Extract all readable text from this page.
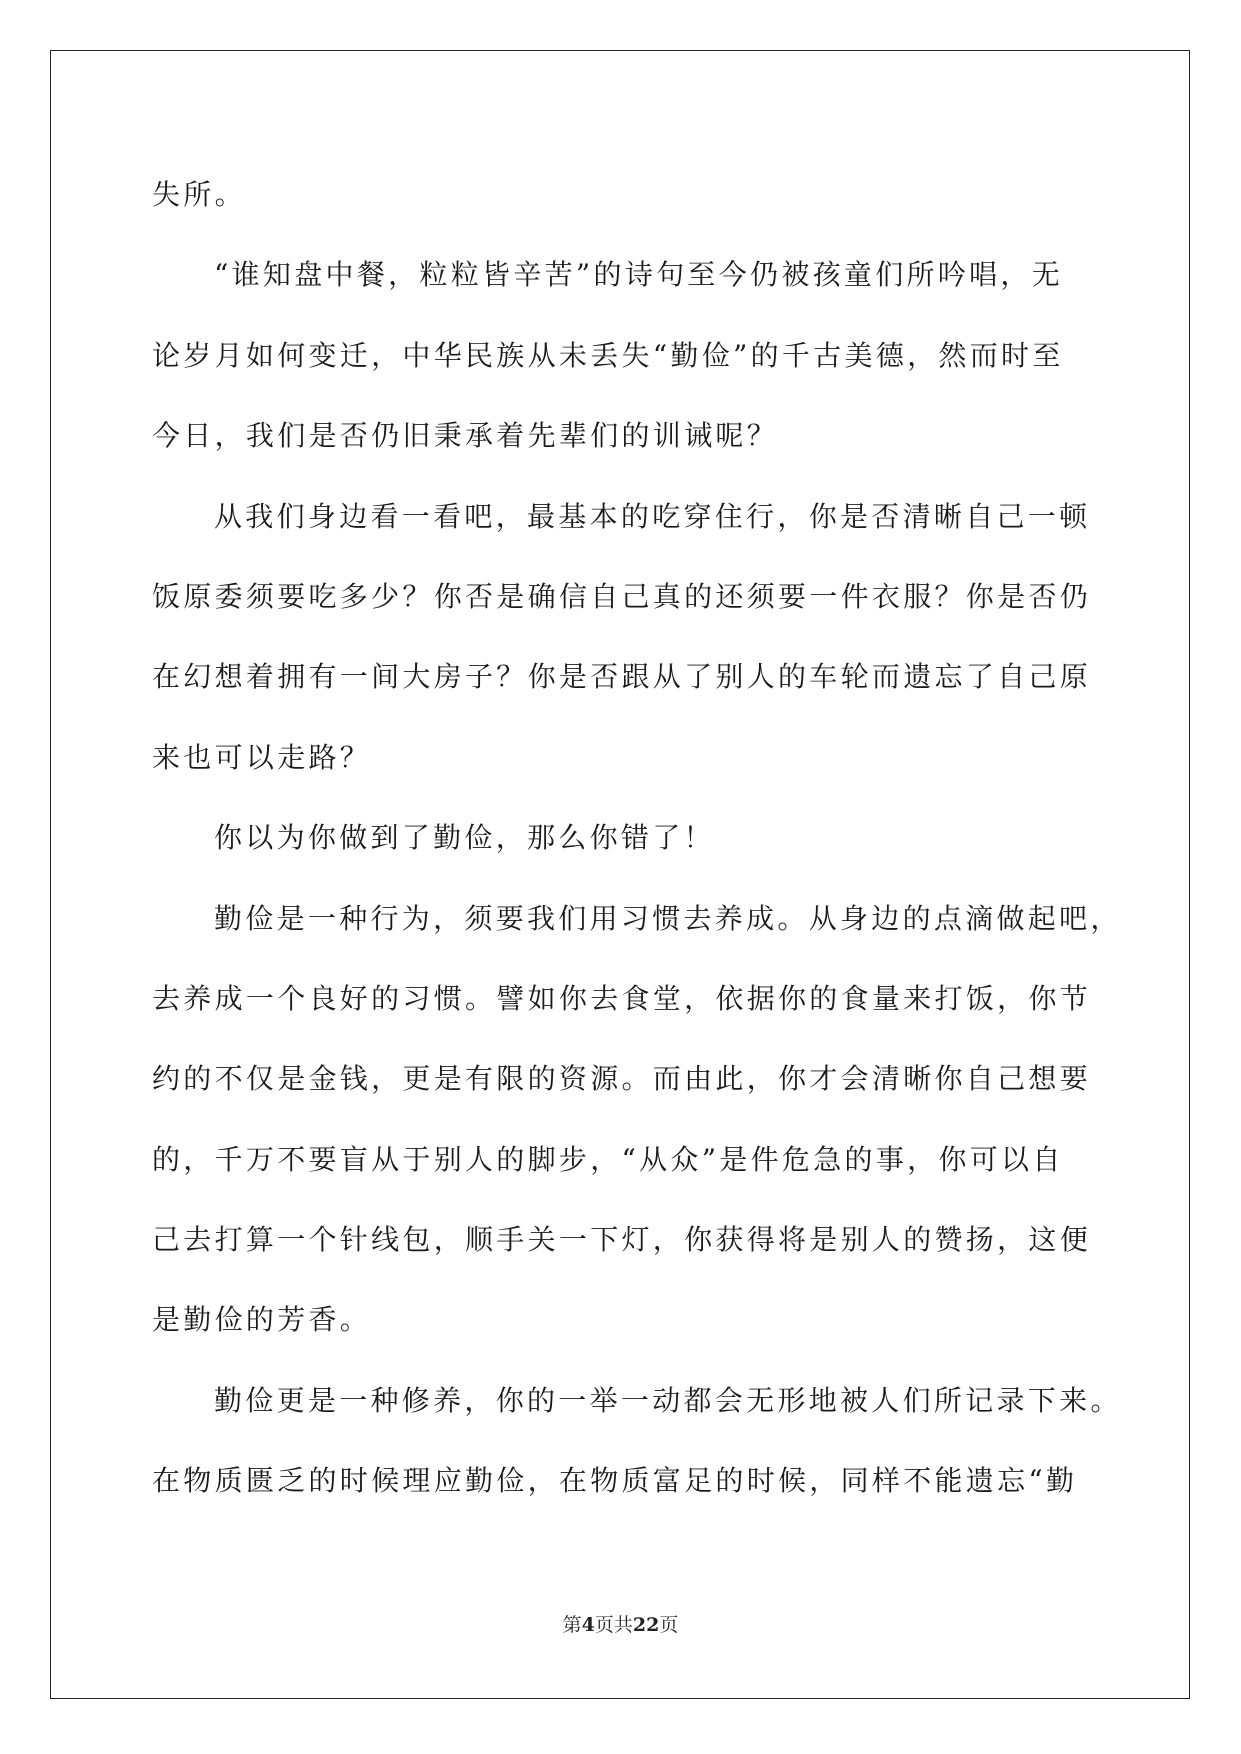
失所。
“谁知盘中餐，粒粒皆辛苦”的诗句至今仍被孩童们所吟唱，无
论岁月如何变迁，中华民族从未丢失“勤俭”的千古美德，然而时至
今日，我们是否仍旧秉承着先辈们的训诫呢？
从我们身边看一看吧，最基本的吃穿住行，你是否清晰自己一顿
饭原委须要吃多少？你否是确信自己真的还须要一件衣服？你是否仍
在幻想着拥有一间大房子？你是否跟从了别人的车轮而遗忘了自己原
来也可以走路？
你以为你做到了勤俭，那么你错了！
勤俭是一种行为，须要我们用习惯去养成。从身边的点滴做起吧，
去养成一个良好的习惯。譬如你去食堂，依据你的食量来打饭，你节
约的不仅是金钱，更是有限的资源。而由此，你才会清晰你自己想要
的，千万不要盲从于别人的脚步，“从众”是件危急的事，你可以自
己去打算一个针线包，顺手关一下灯，你获得将是别人的赞扬，这便
是勤俭的芳香。
勤俭更是一种修养，你的一举一动都会无形地被人们所记录下来。
在物质匮乏的时候理应勤俭，在物质富足的时候，同样不能遗忘“勤
第4页共22页
